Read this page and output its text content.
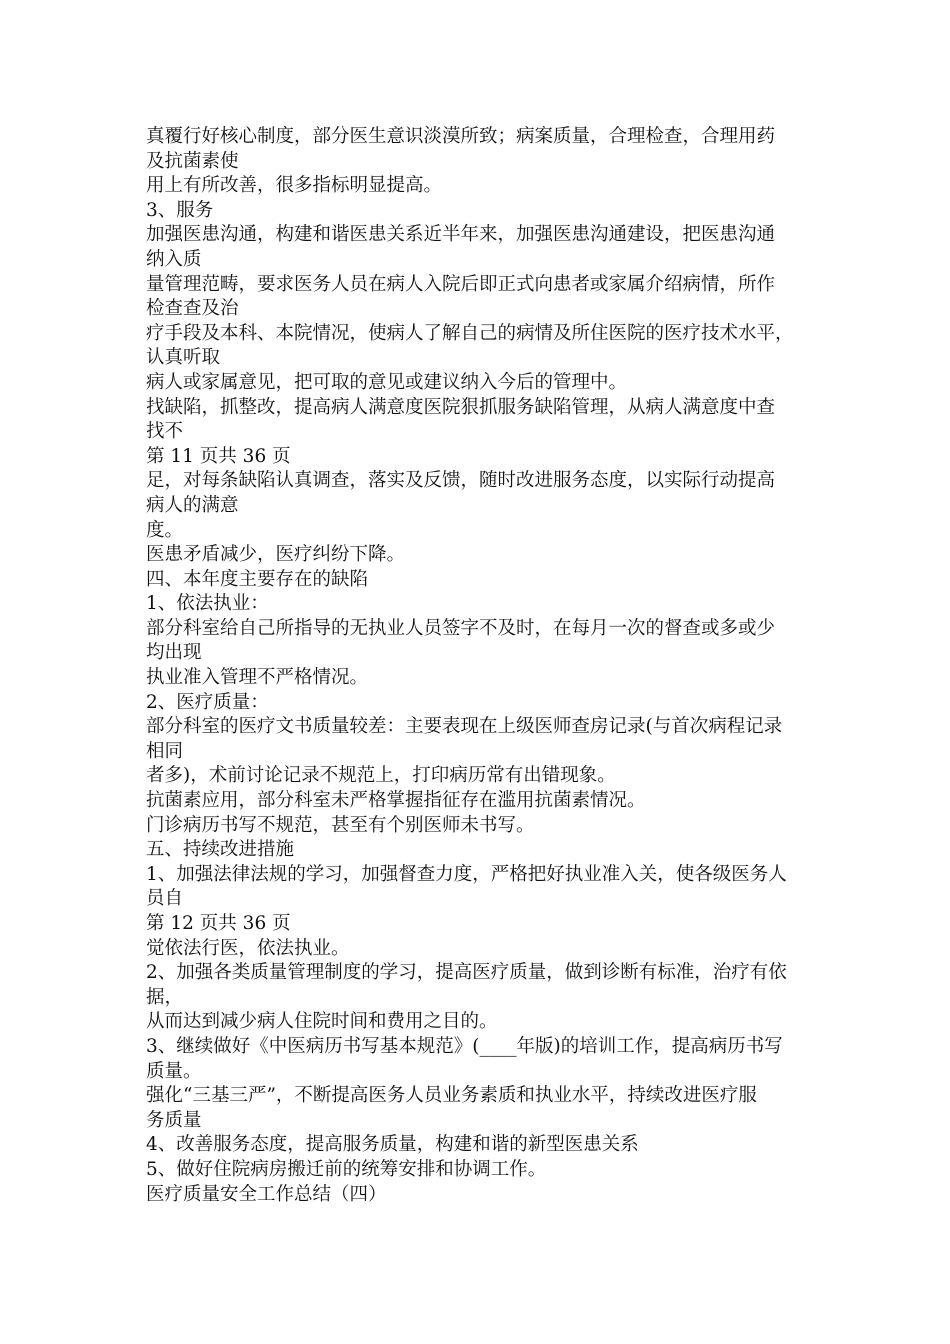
真覆行好核心制度，部分医生意识淡漠所致；病案质量，合理检查，合理用药
及抗菌素使
用上有所改善，很多指标明显提高。
3、服务
加强医患沟通，构建和谐医患关系近半年来，加强医患沟通建设，把医患沟通
纳入质
量管理范畴，要求医务人员在病人入院后即正式向患者或家属介绍病情，所作
检查查及治
疗手段及本科、本院情况，使病人了解自己的病情及所住医院的医疗技术水平，
认真听取
病人或家属意见，把可取的意见或建议纳入今后的管理中。
找缺陷，抓整改，提高病人满意度医院狠抓服务缺陷管理，从病人满意度中查
找不
第 11 页共 36 页
足，对每条缺陷认真调查，落实及反馈，随时改进服务态度，以实际行动提高
病人的满意
度。
医患矛盾减少，医疗纠纷下降。
四、本年度主要存在的缺陷
1、依法执业：
部分科室给自己所指导的无执业人员签字不及时，在每月一次的督查或多或少
均出现
执业准入管理不严格情况。
2、医疗质量：
部分科室的医疗文书质量较差：主要表现在上级医师查房记录(与首次病程记录
相同
者多)，术前讨论记录不规范上，打印病历常有出错现象。
抗菌素应用，部分科室未严格掌握指征存在滥用抗菌素情况。
门诊病历书写不规范，甚至有个别医师未书写。
五、持续改进措施
1、加强法律法规的学习，加强督查力度，严格把好执业准入关，使各级医务人
员自
第 12 页共 36 页
觉依法行医，依法执业。
2、加强各类质量管理制度的学习，提高医疗质量，做到诊断有标准，治疗有依
据，
从而达到减少病人住院时间和费用之目的。
3、继续做好《中医病历书写基本规范》(____年版)的培训工作，提高病历书写
质量。
强化“三基三严”，不断提高医务人员业务素质和执业水平，持续改进医疗服
务质量
4、改善服务态度，提高服务质量，构建和谐的新型医患关系
5、做好住院病房搬迁前的统筹安排和协调工作。
医疗质量安全工作总结（四）
